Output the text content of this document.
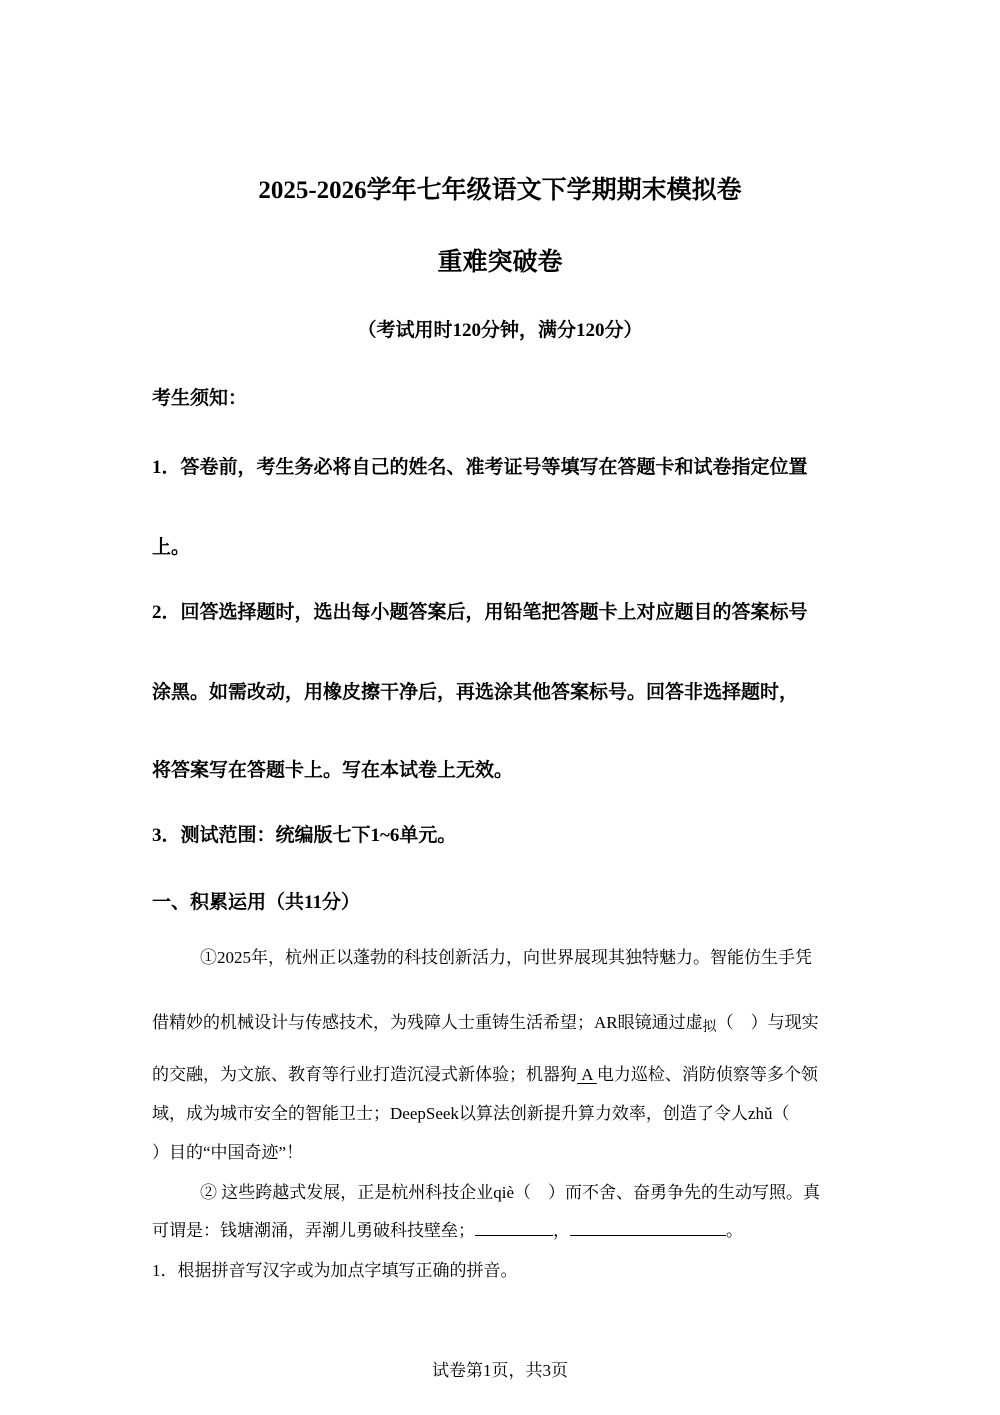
2025-2026学年七年级语文下学期期末模拟卷
重难突破卷
（考试用时120分钟，满分120分）
考生须知：
1．答卷前，考生务必将自己的姓名、准考证号等填写在答题卡和试卷指定位置
上。
2．回答选择题时，选出每小题答案后，用铅笔把答题卡上对应题目的答案标号
涂黑。如需改动，用橡皮擦干净后，再选涂其他答案标号。回答非选择题时，
将答案写在答题卡上。写在本试卷上无效。
3．测试范围：统编版七下1~6单元。
一、积累运用（共11分）
①2025年，杭州正以蓬勃的科技创新活力，向世界展现其独特魅力。智能仿生手凭
借精妙的机械设计与传感技术，为残障人士重铸生活希望；AR眼镜通过虚拟（　）与现实
的交融，为文旅、教育等行业打造沉浸式新体验；机器狗 A 电力巡检、消防侦察等多个领
域，成为城市安全的智能卫士；DeepSeek以算法创新提升算力效率，创造了令人zhǔ（
）目的“中国奇迹”！
② 这些跨越式发展，正是杭州科技企业qiè（　）而不舍、奋勇争先的生动写照。真
可谓是：钱塘潮涌，弄潮儿勇破科技壁垒；	，	。
1．根据拼音写汉字或为加点字填写正确的拼音。
试卷第1页，共3页
